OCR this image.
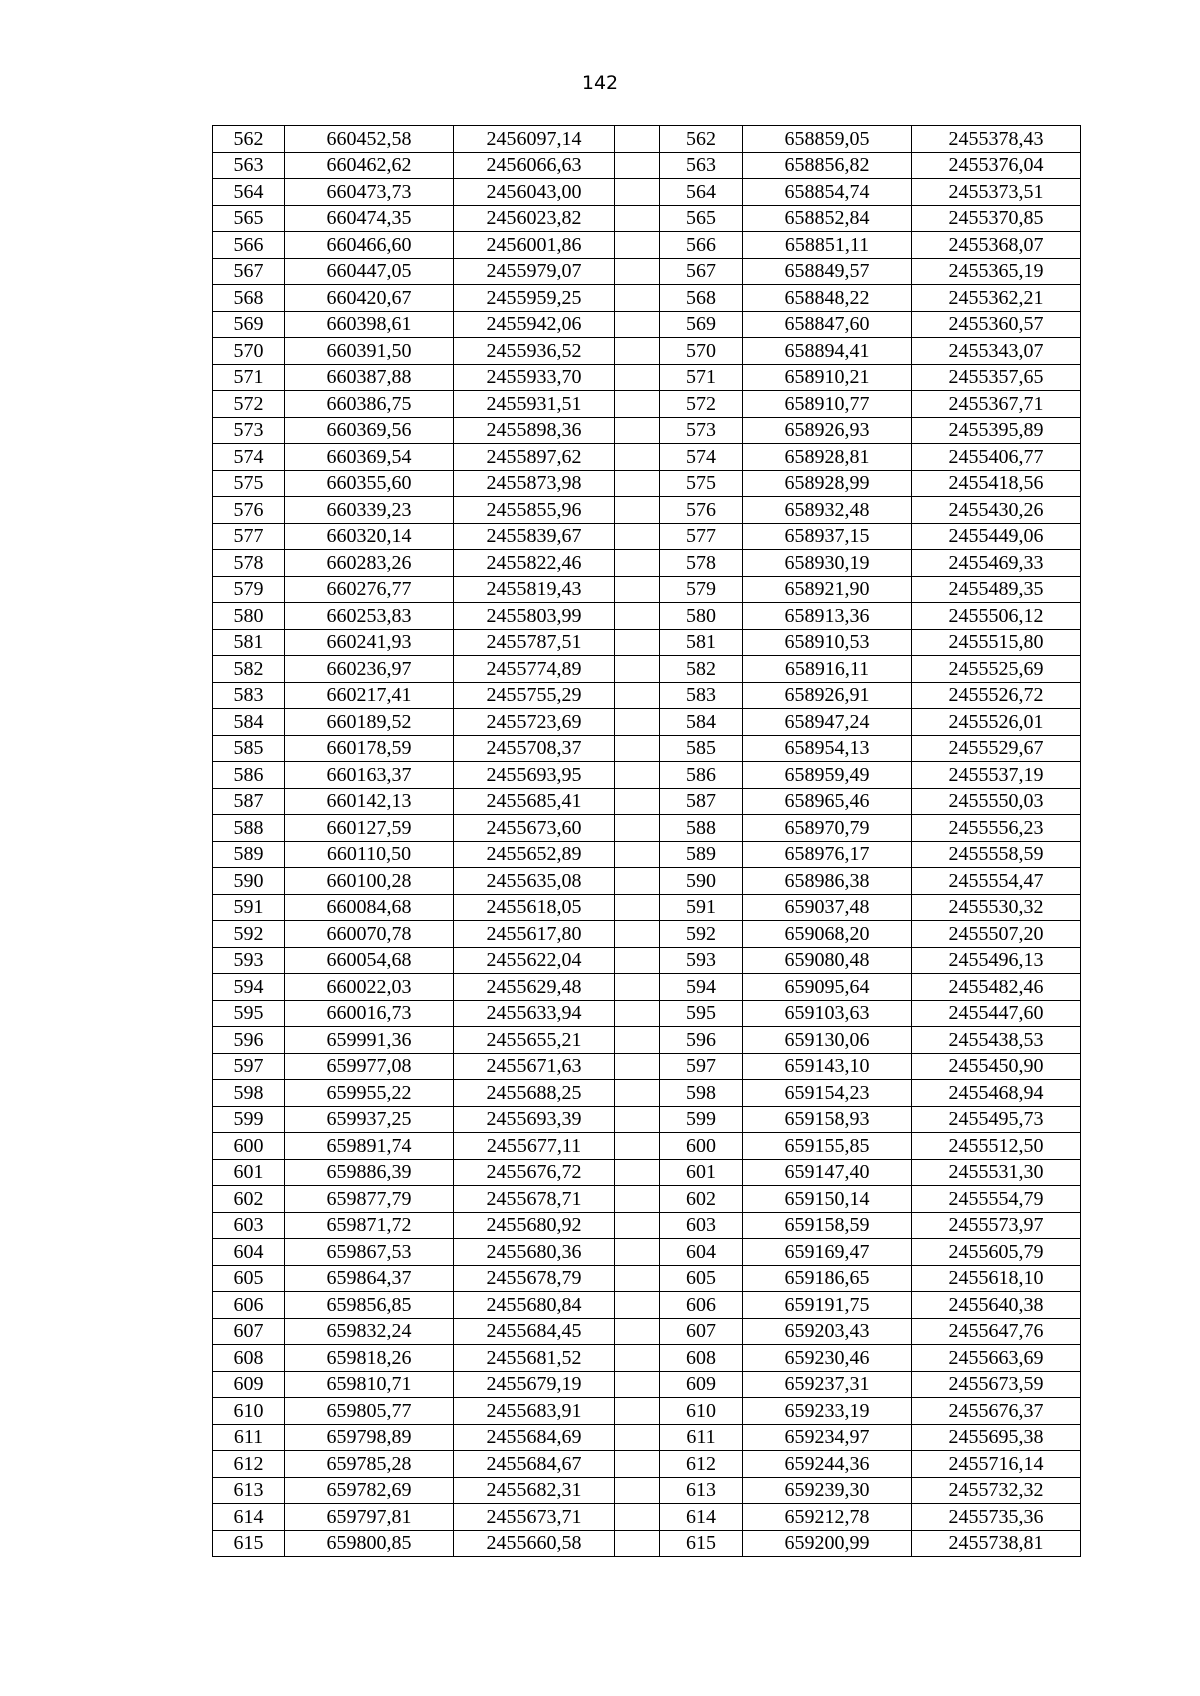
142
562	660452,58	2456097,14		562	658859,05	2455378,43
563	660462,62	2456066,63		563	658856,82	2455376,04
564	660473,73	2456043,00		564	658854,74	2455373,51
565	660474,35	2456023,82		565	658852,84	2455370,85
566	660466,60	2456001,86		566	658851,11	2455368,07
567	660447,05	2455979,07		567	658849,57	2455365,19
568	660420,67	2455959,25		568	658848,22	2455362,21
569	660398,61	2455942,06		569	658847,60	2455360,57
570	660391,50	2455936,52		570	658894,41	2455343,07
571	660387,88	2455933,70		571	658910,21	2455357,65
572	660386,75	2455931,51		572	658910,77	2455367,71
573	660369,56	2455898,36		573	658926,93	2455395,89
574	660369,54	2455897,62		574	658928,81	2455406,77
575	660355,60	2455873,98		575	658928,99	2455418,56
576	660339,23	2455855,96		576	658932,48	2455430,26
577	660320,14	2455839,67		577	658937,15	2455449,06
578	660283,26	2455822,46		578	658930,19	2455469,33
579	660276,77	2455819,43		579	658921,90	2455489,35
580	660253,83	2455803,99		580	658913,36	2455506,12
581	660241,93	2455787,51		581	658910,53	2455515,80
582	660236,97	2455774,89		582	658916,11	2455525,69
583	660217,41	2455755,29		583	658926,91	2455526,72
584	660189,52	2455723,69		584	658947,24	2455526,01
585	660178,59	2455708,37		585	658954,13	2455529,67
586	660163,37	2455693,95		586	658959,49	2455537,19
587	660142,13	2455685,41		587	658965,46	2455550,03
588	660127,59	2455673,60		588	658970,79	2455556,23
589	660110,50	2455652,89		589	658976,17	2455558,59
590	660100,28	2455635,08		590	658986,38	2455554,47
591	660084,68	2455618,05		591	659037,48	2455530,32
592	660070,78	2455617,80		592	659068,20	2455507,20
593	660054,68	2455622,04		593	659080,48	2455496,13
594	660022,03	2455629,48		594	659095,64	2455482,46
595	660016,73	2455633,94		595	659103,63	2455447,60
596	659991,36	2455655,21		596	659130,06	2455438,53
597	659977,08	2455671,63		597	659143,10	2455450,90
598	659955,22	2455688,25		598	659154,23	2455468,94
599	659937,25	2455693,39		599	659158,93	2455495,73
600	659891,74	2455677,11		600	659155,85	2455512,50
601	659886,39	2455676,72		601	659147,40	2455531,30
602	659877,79	2455678,71		602	659150,14	2455554,79
603	659871,72	2455680,92		603	659158,59	2455573,97
604	659867,53	2455680,36		604	659169,47	2455605,79
605	659864,37	2455678,79		605	659186,65	2455618,10
606	659856,85	2455680,84		606	659191,75	2455640,38
607	659832,24	2455684,45		607	659203,43	2455647,76
608	659818,26	2455681,52		608	659230,46	2455663,69
609	659810,71	2455679,19		609	659237,31	2455673,59
610	659805,77	2455683,91		610	659233,19	2455676,37
611	659798,89	2455684,69		611	659234,97	2455695,38
612	659785,28	2455684,67		612	659244,36	2455716,14
613	659782,69	2455682,31		613	659239,30	2455732,32
614	659797,81	2455673,71		614	659212,78	2455735,36
615	659800,85	2455660,58		615	659200,99	2455738,81
